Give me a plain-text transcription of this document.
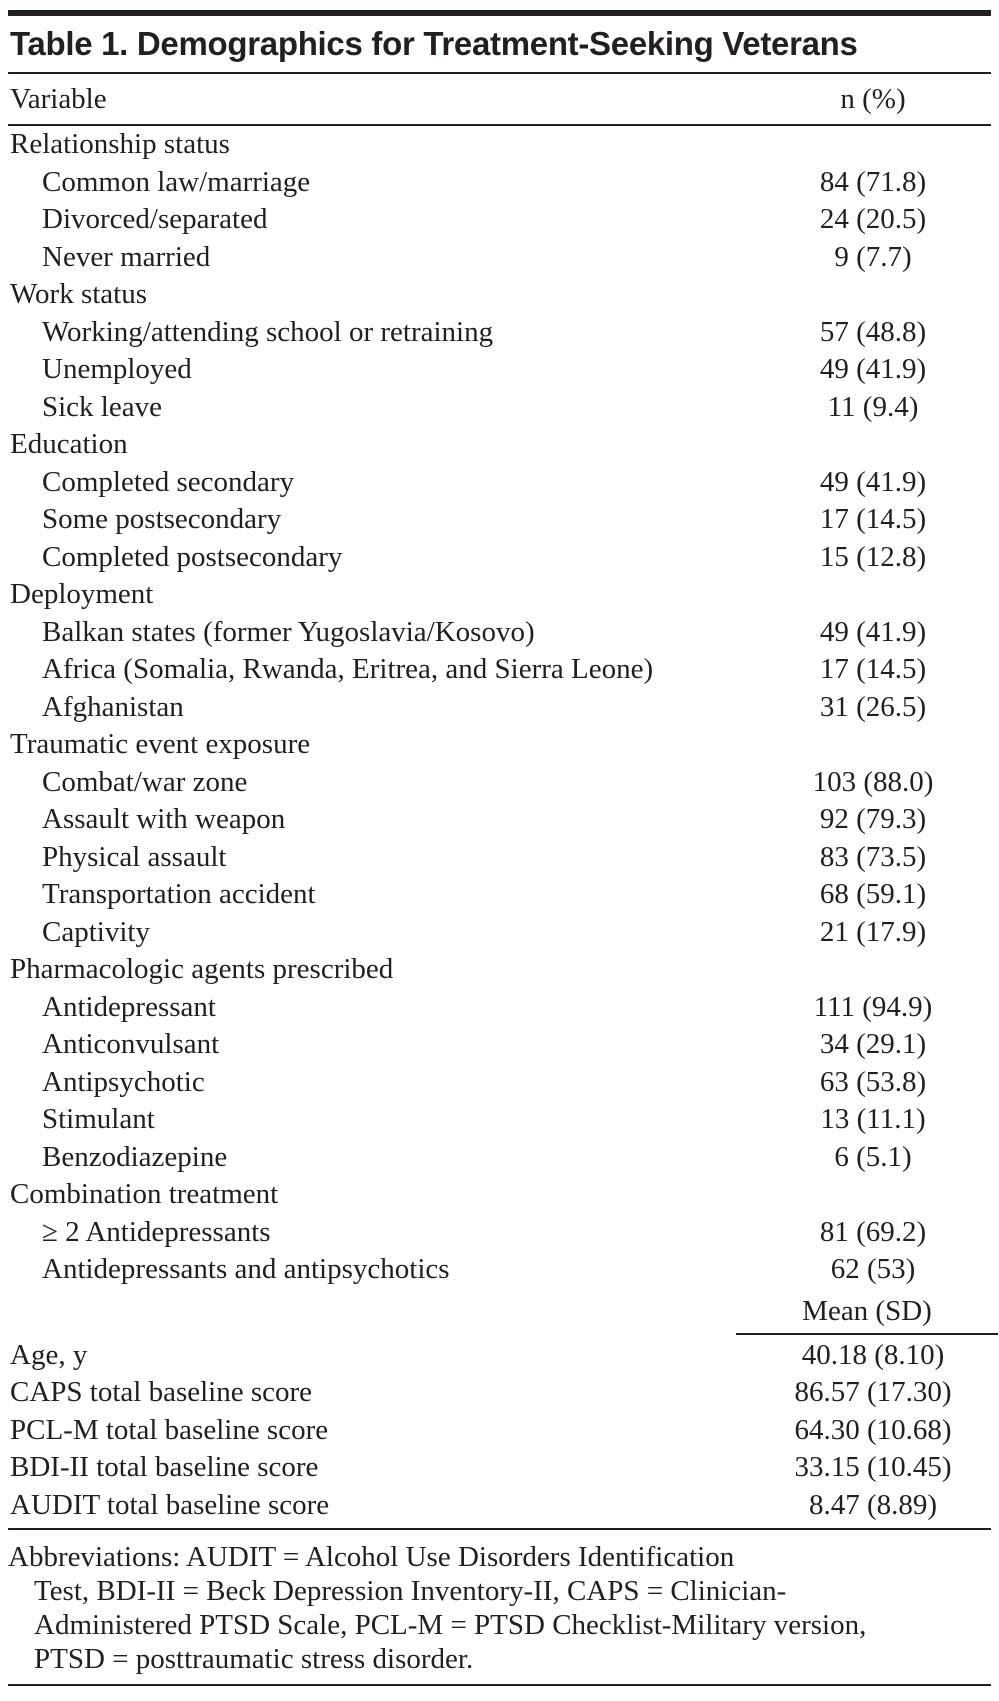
Table 1. Demographics for Treatment-Seeking Veterans
Variable	n (%)
Relationship status
Common law/marriage	84 (71.8)
Divorced/separated	24 (20.5)
Never married	9 (7.7)
Work status
Working/attending school or retraining	57 (48.8)
Unemployed	49 (41.9)
Sick leave	11 (9.4)
Education
Completed secondary	49 (41.9)
Some postsecondary	17 (14.5)
Completed postsecondary	15 (12.8)
Deployment
Balkan states (former Yugoslavia/Kosovo)	49 (41.9)
Africa (Somalia, Rwanda, Eritrea, and Sierra Leone)	17 (14.5)
Afghanistan	31 (26.5)
Traumatic event exposure
Combat/war zone	103 (88.0)
Assault with weapon	92 (79.3)
Physical assault	83 (73.5)
Transportation accident	68 (59.1)
Captivity	21 (17.9)
Pharmacologic agents prescribed
Antidepressant	111 (94.9)
Anticonvulsant	34 (29.1)
Antipsychotic	63 (53.8)
Stimulant	13 (11.1)
Benzodiazepine	6 (5.1)
Combination treatment
≥ 2 Antidepressants	81 (69.2)
Antidepressants and antipsychotics	62 (53)
Mean (SD)
Age, y	40.18 (8.10)
CAPS total baseline score	86.57 (17.30)
PCL-M total baseline score	64.30 (10.68)
BDI-II total baseline score	33.15 (10.45)
AUDIT total baseline score	8.47 (8.89)
Abbreviations: AUDIT = Alcohol Use Disorders Identification
Test, BDI-II = Beck Depression Inventory-II, CAPS = Clinician-
Administered PTSD Scale, PCL-M = PTSD Checklist-Military version,
PTSD = posttraumatic stress disorder.
